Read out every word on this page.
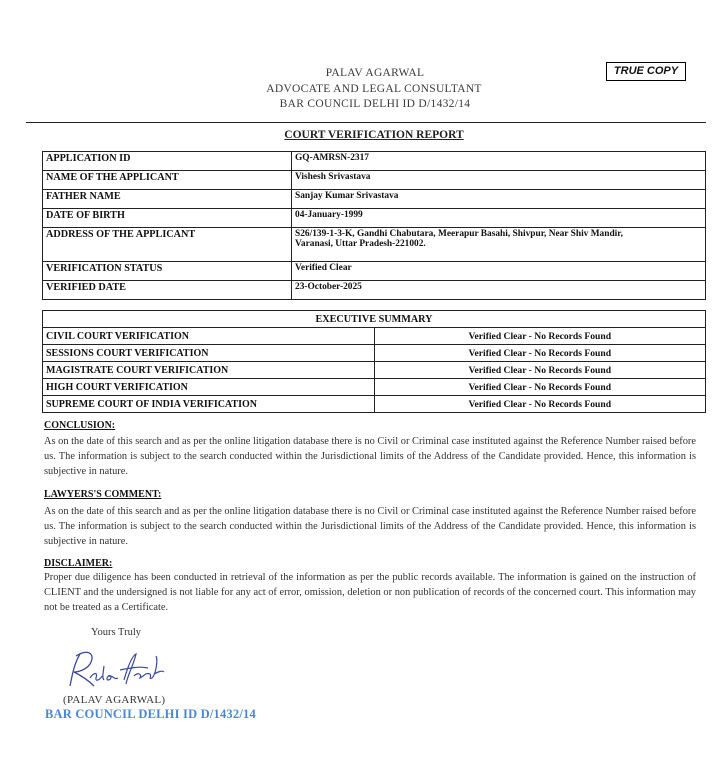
PALAV AGARWAL
ADVOCATE AND LEGAL CONSULTANT
BAR COUNCIL DELHI ID D/1432/14
TRUE COPY
COURT VERIFICATION REPORT
APPLICATION ID	GQ-AMRSN-2317
NAME OF THE APPLICANT	Vishesh Srivastava
FATHER NAME	Sanjay Kumar Srivastava
DATE OF BIRTH	04-January-1999
ADDRESS OF THE APPLICANT	S26/139-1-3-K, Gandhi Chabutara, Meerapur Basahi, Shivpur, Near Shiv Mandir,
Varanasi, Uttar Pradesh-221002.

VERIFICATION STATUS	Verified Clear
VERIFIED DATE	23-October-2025
EXECUTIVE SUMMARY	
CIVIL COURT VERIFICATION	Verified Clear - No Records Found
SESSIONS COURT VERIFICATION	Verified Clear - No Records Found
MAGISTRATE COURT VERIFICATION	Verified Clear - No Records Found
HIGH COURT VERIFICATION	Verified Clear - No Records Found
SUPREME COURT OF INDIA VERIFICATION	Verified Clear - No Records Found
CONCLUSION:
As on the date of this search and as per the online litigation database there is no Civil or Criminal case instituted against the Reference Number raised before us. The information is subject to the search conducted within the Jurisdictional limits of the Address of the Candidate provided. Hence, this information is subjective in nature.
LAWYERS'S COMMENT:
As on the date of this search and as per the online litigation database there is no Civil or Criminal case instituted against the Reference Number raised before us. The information is subject to the search conducted within the Jurisdictional limits of the Address of the Candidate provided. Hence, this information is subjective in nature.
DISCLAIMER:
Proper due diligence has been conducted in retrieval of the information as per the public records available. The information is gained on the instruction of CLIENT and the undersigned is not liable for any act of error, omission, deletion or non publication of records of the concerned court. This information may not be treated as a Certificate.
Yours Truly
(PALAV AGARWAL)
BAR COUNCIL DELHI ID D/1432/14
